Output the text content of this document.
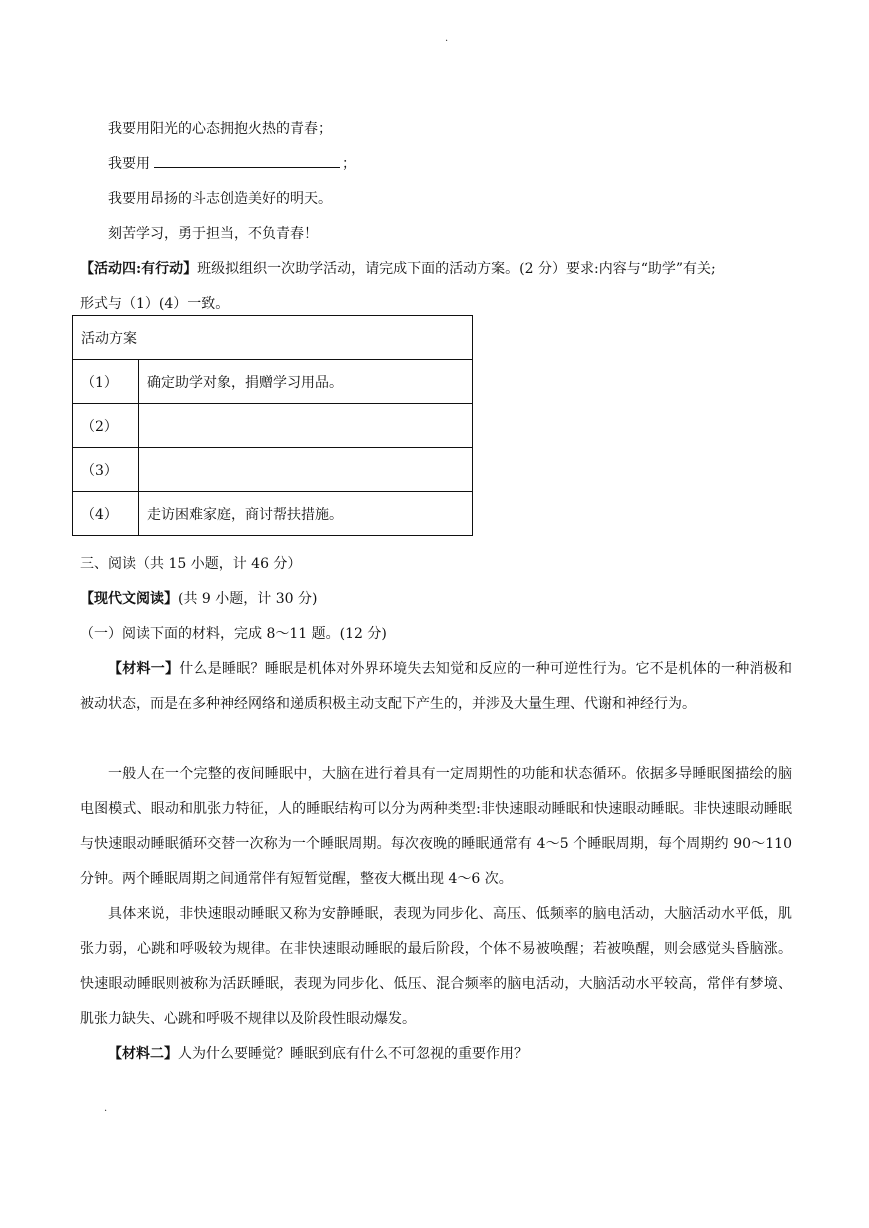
.
我要用阳光的心态拥抱火热的青春；
我要用	；
我要用昂扬的斗志创造美好的明天。
刻苦学习，勇于担当，不负青春！
【活动四:有行动】班级拟组织一次助学活动，请完成下面的活动方案。(2 分）要求:内容与“助学”有关;
形式与（1）(4）一致。
活动方案	
（1）	确定助学对象，捐赠学习用品。
（2）	
（3）	
（4）	走访困难家庭，商讨帮扶措施。
三、阅读（共 15 小题，计 46 分）
【现代文阅读】(共 9 小题，计 30 分)
（一）阅读下面的材料，完成 8～11 题。(12 分)
【材料一】什么是睡眠？睡眠是机体对外界环境失去知觉和反应的一种可逆性行为。它不是机体的一种消极和被动状态，而是在多种神经网络和递质积极主动支配下产生的，并涉及大量生理、代谢和神经行为。
一般人在一个完整的夜间睡眠中，大脑在进行着具有一定周期性的功能和状态循环。依据多导睡眠图描绘的脑电图模式、眼动和肌张力特征，人的睡眠结构可以分为两种类型:非快速眼动睡眠和快速眼动睡眠。非快速眼动睡眠与快速眼动睡眠循环交替一次称为一个睡眠周期。每次夜晚的睡眠通常有 4～5 个睡眠周期，每个周期约 90～110 分钟。两个睡眠周期之间通常伴有短暂觉醒，整夜大概出现 4～6 次。
具体来说，非快速眼动睡眠又称为安静睡眠，表现为同步化、高压、低频率的脑电活动，大脑活动水平低，肌张力弱，心跳和呼吸较为规律。在非快速眼动睡眠的最后阶段，个体不易被唤醒；若被唤醒，则会感觉头昏脑涨。快速眼动睡眠则被称为活跃睡眠，表现为同步化、低压、混合频率的脑电活动，大脑活动水平较高，常伴有梦境、肌张力缺失、心跳和呼吸不规律以及阶段性眼动爆发。
【材料二】人为什么要睡觉？睡眠到底有什么不可忽视的重要作用？
.
